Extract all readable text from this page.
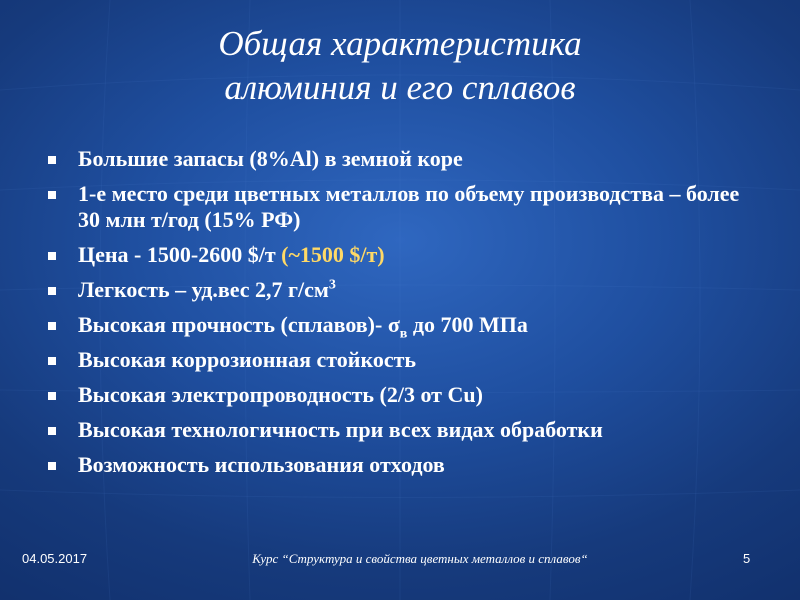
Общая характеристика
алюминия и его сплавов
Большие запасы (8%Al) в земной коре
1-е место среди цветных металлов по объему производства – более 30 млн т/год (15% РФ)
Цена - 1500-2600 $/т (~1500 $/т)
Легкость – уд.вес 2,7 $г/см^3$
Высокая прочность (сплавов)- $\sigma_в$ до 700 МПа
Высокая коррозионная стойкость
Высокая электропроводность (2/3 от Cu)
Высокая технологичность при всех видах обработки
Возможность использования отходов
04.05.2017	Курс “Структура и свойства цветных металлов и сплавов“	5
